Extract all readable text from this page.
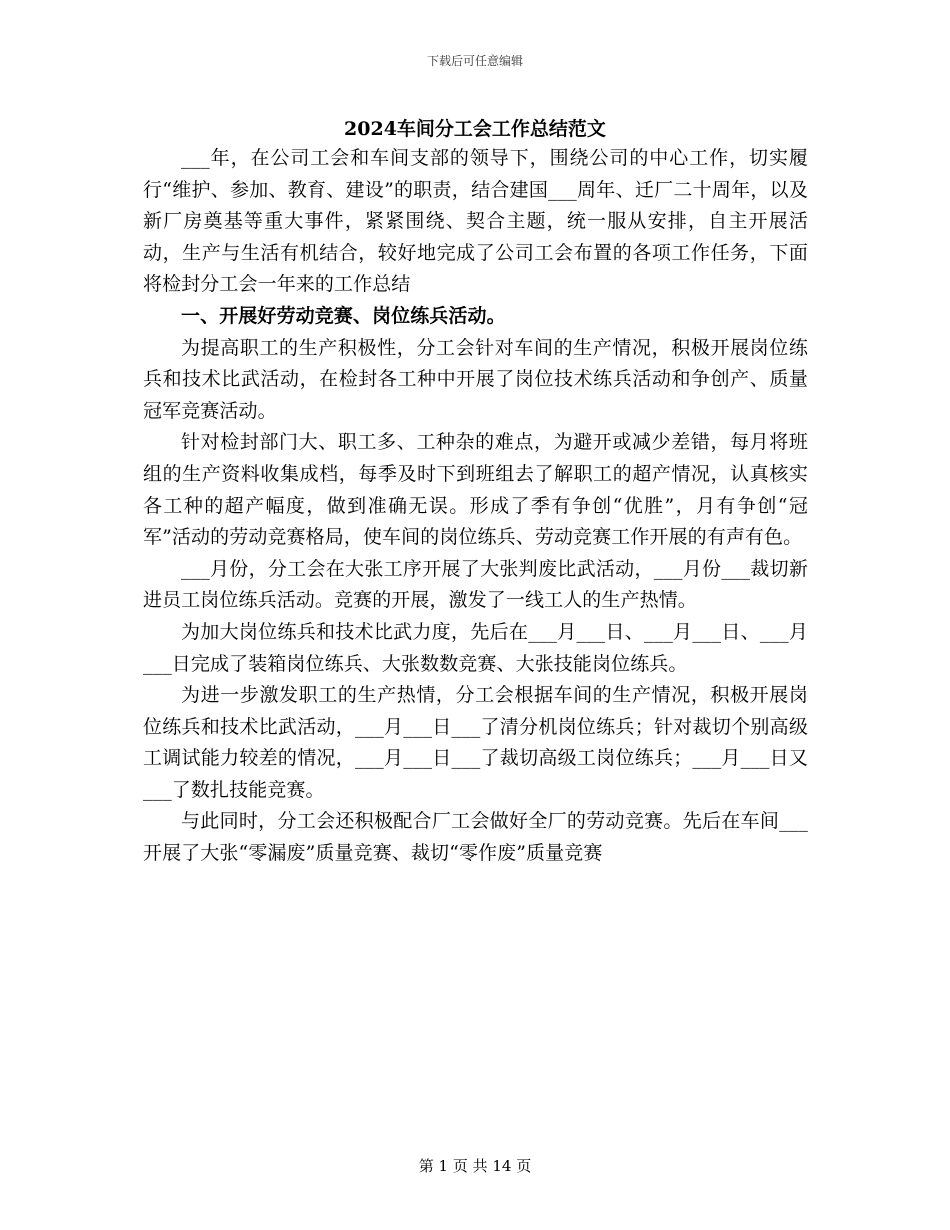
下载后可任意编辑
2024车间分工会工作总结范文

___年，在公司工会和车间支部的领导下，围绕公司的中心工作，切实履行“维护、参加、教育、建设”的职责，结合建国___周年、迁厂二十周年，以及新厂房奠基等重大事件，紧紧围绕、契合主题，统一服从安排，自主开展活动，生产与生活有机结合，较好地完成了公司工会布置的各项工作任务，下面将检封分工会一年来的工作总结

一、开展好劳动竞赛、岗位练兵活动。

为提高职工的生产积极性，分工会针对车间的生产情况，积极开展岗位练兵和技术比武活动，在检封各工种中开展了岗位技术练兵活动和争创产、质量冠军竞赛活动。

针对检封部门大、职工多、工种杂的难点，为避开或减少差错，每月将班组的生产资料收集成档，每季及时下到班组去了解职工的超产情况，认真核实各工种的超产幅度，做到准确无误。形成了季有争创“优胜”，月有争创“冠军”活动的劳动竞赛格局，使车间的岗位练兵、劳动竞赛工作开展的有声有色。

___月份，分工会在大张工序开展了大张判废比武活动，___月份___裁切新进员工岗位练兵活动。竞赛的开展，激发了一线工人的生产热情。

为加大岗位练兵和技术比武力度，先后在___月___日、___月___日、___月___日完成了装箱岗位练兵、大张数数竞赛、大张技能岗位练兵。

为进一步激发职工的生产热情，分工会根据车间的生产情况，积极开展岗位练兵和技术比武活动，___月___日___了清分机岗位练兵；针对裁切个别高级工调试能力较差的情况，___月___日___了裁切高级工岗位练兵；___月___日又___了数扎技能竞赛。

与此同时，分工会还积极配合厂工会做好全厂的劳动竞赛。先后在车间___开展了大张“零漏废”质量竞赛、裁切“零作废”质量竞赛

第 1 页 共 14 页
